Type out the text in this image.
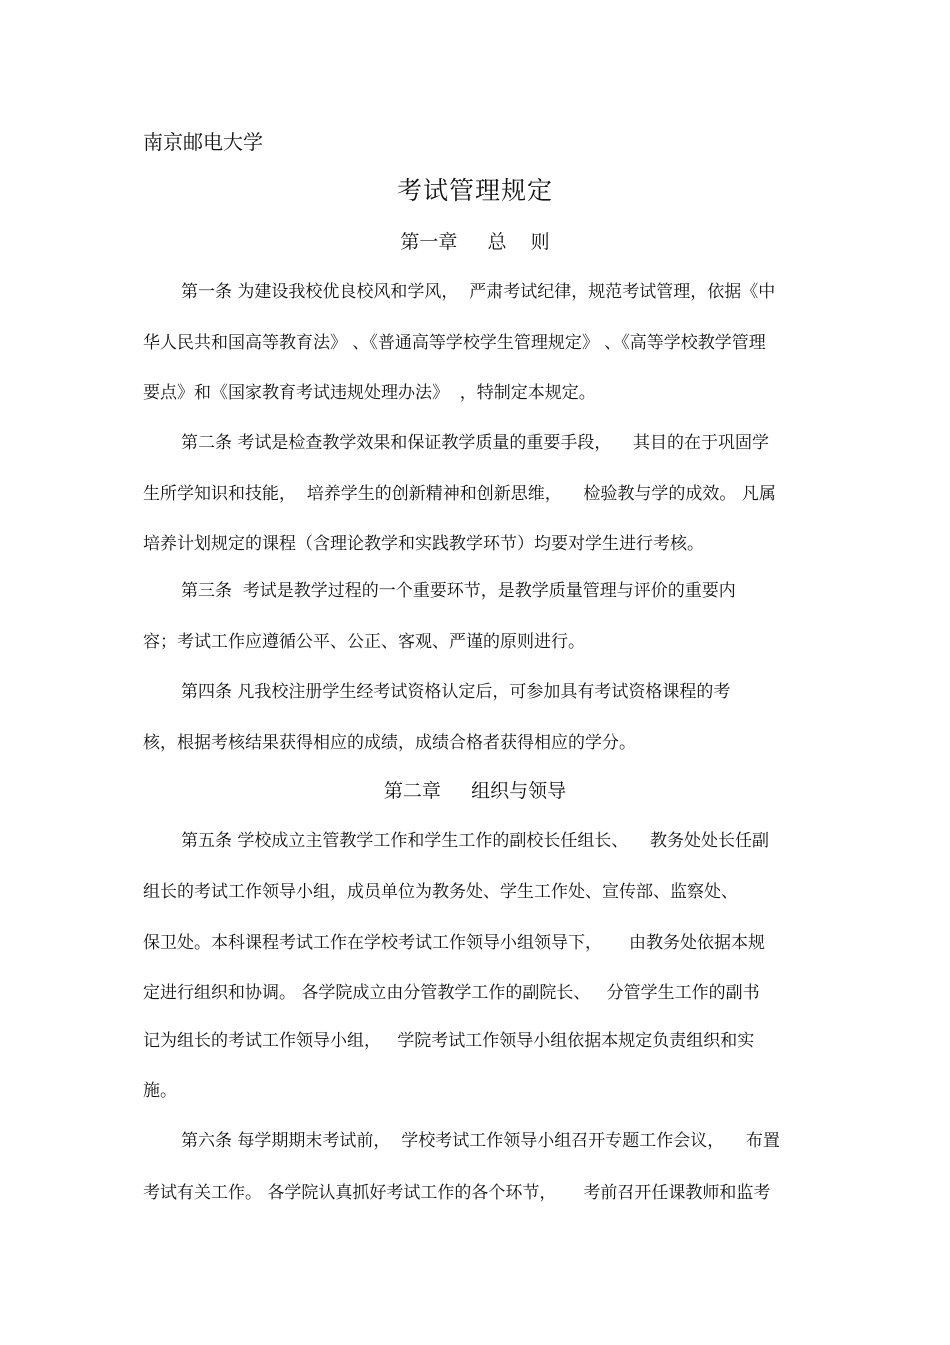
南京邮电大学
考试管理规定
第一章     总    则
第一条 为建设我校优良校风和学风，  严肃考试纪律，规范考试管理，依据《中
华人民共和国高等教育法》 、《普通高等学校学生管理规定》 、《高等学校教学管理
要点》和《国家教育考试违规处理办法》  ，特制定本规定。
第二条 考试是检查教学效果和保证教学质量的重要手段，    其目的在于巩固学
生所学知识和技能，  培养学生的创新精神和创新思维，    检验教与学的成效。 凡属
培养计划规定的课程（含理论教学和实践教学环节）均要对学生进行考核。
第三条  考试是教学过程的一个重要环节，是教学质量管理与评价的重要内
容；考试工作应遵循公平、公正、客观、严谨的原则进行。
第四条 凡我校注册学生经考试资格认定后，可参加具有考试资格课程的考
核，根据考核结果获得相应的成绩，成绩合格者获得相应的学分。
第二章     组织与领导
第五条 学校成立主管教学工作和学生工作的副校长任组长、    教务处处长任副
组长的考试工作领导小组，成员单位为教务处、学生工作处、宣传部、监察处、
保卫处。本科课程考试工作在学校考试工作领导小组领导下，     由教务处依据本规
定进行组织和协调。 各学院成立由分管教学工作的副院长、   分管学生工作的副书
记为组长的考试工作领导小组，   学院考试工作领导小组依据本规定负责组织和实
施。
第六条 每学期期末考试前，  学校考试工作领导小组召开专题工作会议，    布置
考试有关工作。 各学院认真抓好考试工作的各个环节，     考前召开任课教师和监考
